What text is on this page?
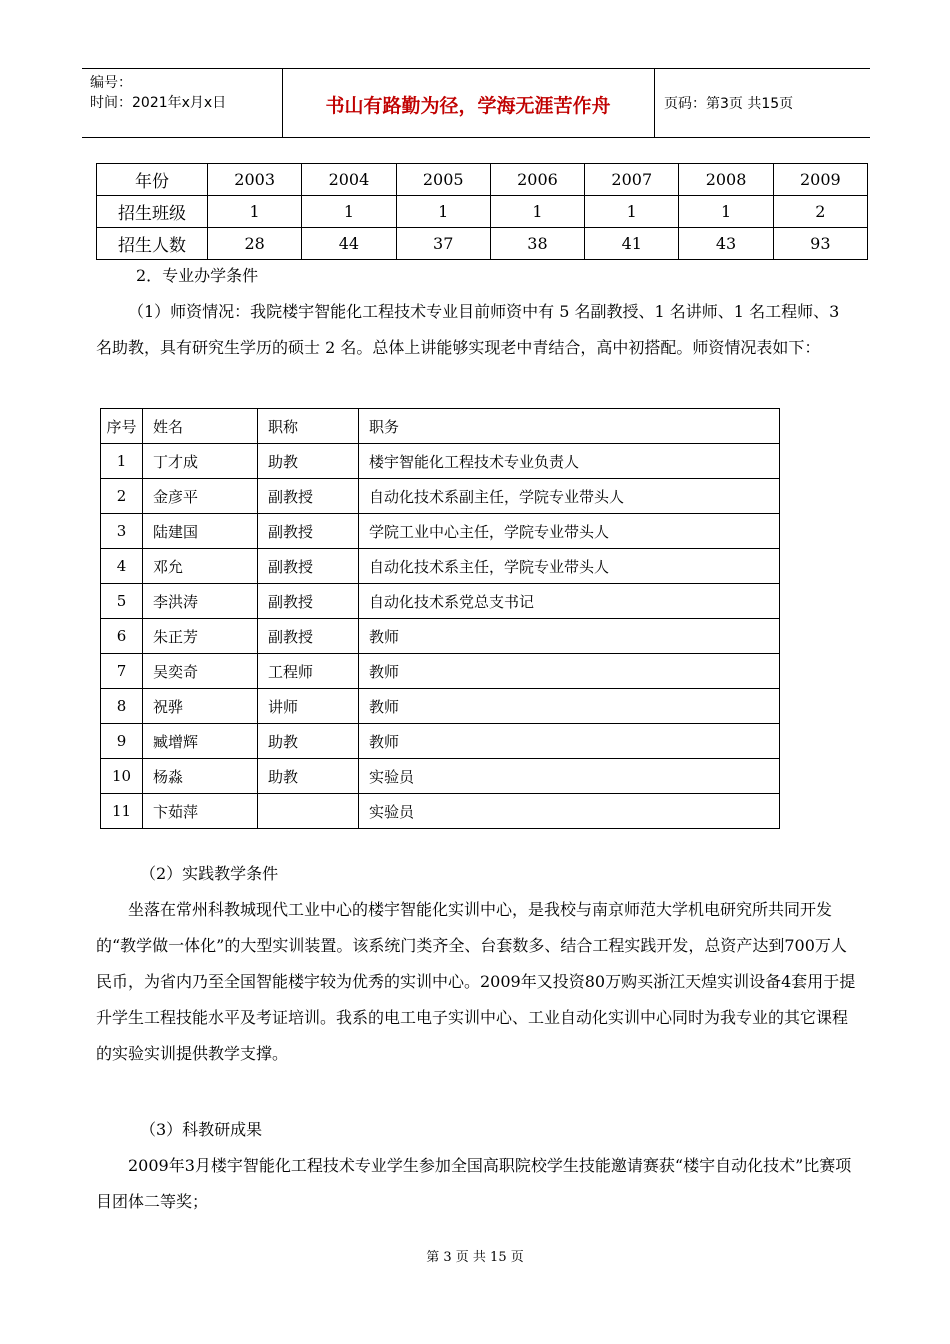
编号：
时间：2021年x月x日	书山有路勤为径，学海无涯苦作舟	页码：第3页 共15页
年份	2003	2004	2005	2006	2007	2008	2009
招生班级	1	1	1	1	1	1	2
招生人数	28	44	37	38	41	43	93
2．专业办学条件
（1）师资情况：我院楼宇智能化工程技术专业目前师资中有 5 名副教授、1 名讲师、1 名工程师、3 名助教，具有研究生学历的硕士 2 名。总体上讲能够实现老中青结合，高中初搭配。师资情况表如下：
序号	姓名	职称	职务
1	丁才成	助教	楼宇智能化工程技术专业负责人
2	金彦平	副教授	自动化技术系副主任，学院专业带头人
3	陆建国	副教授	学院工业中心主任，学院专业带头人
4	邓允	副教授	自动化技术系主任，学院专业带头人
5	李洪涛	副教授	自动化技术系党总支书记
6	朱正芳	副教授	教师
7	吴奕奇	工程师	教师
8	祝骅	讲师	教师
9	臧增辉	助教	教师
10	杨淼	助教	实验员
11	卞茹萍		实验员
（2）实践教学条件
坐落在常州科教城现代工业中心的楼宇智能化实训中心，是我校与南京师范大学机电研究所共同开发的“教学做一体化”的大型实训装置。该系统门类齐全、台套数多、结合工程实践开发，总资产达到700万人民币，为省内乃至全国智能楼宇较为优秀的实训中心。2009年又投资80万购买浙江天煌实训设备4套用于提升学生工程技能水平及考证培训。我系的电工电子实训中心、工业自动化实训中心同时为我专业的其它课程的实验实训提供教学支撑。
（3）科教研成果
2009年3月楼宇智能化工程技术专业学生参加全国高职院校学生技能邀请赛获“楼宇自动化技术”比赛项目团体二等奖；
第 3 页 共 15 页
